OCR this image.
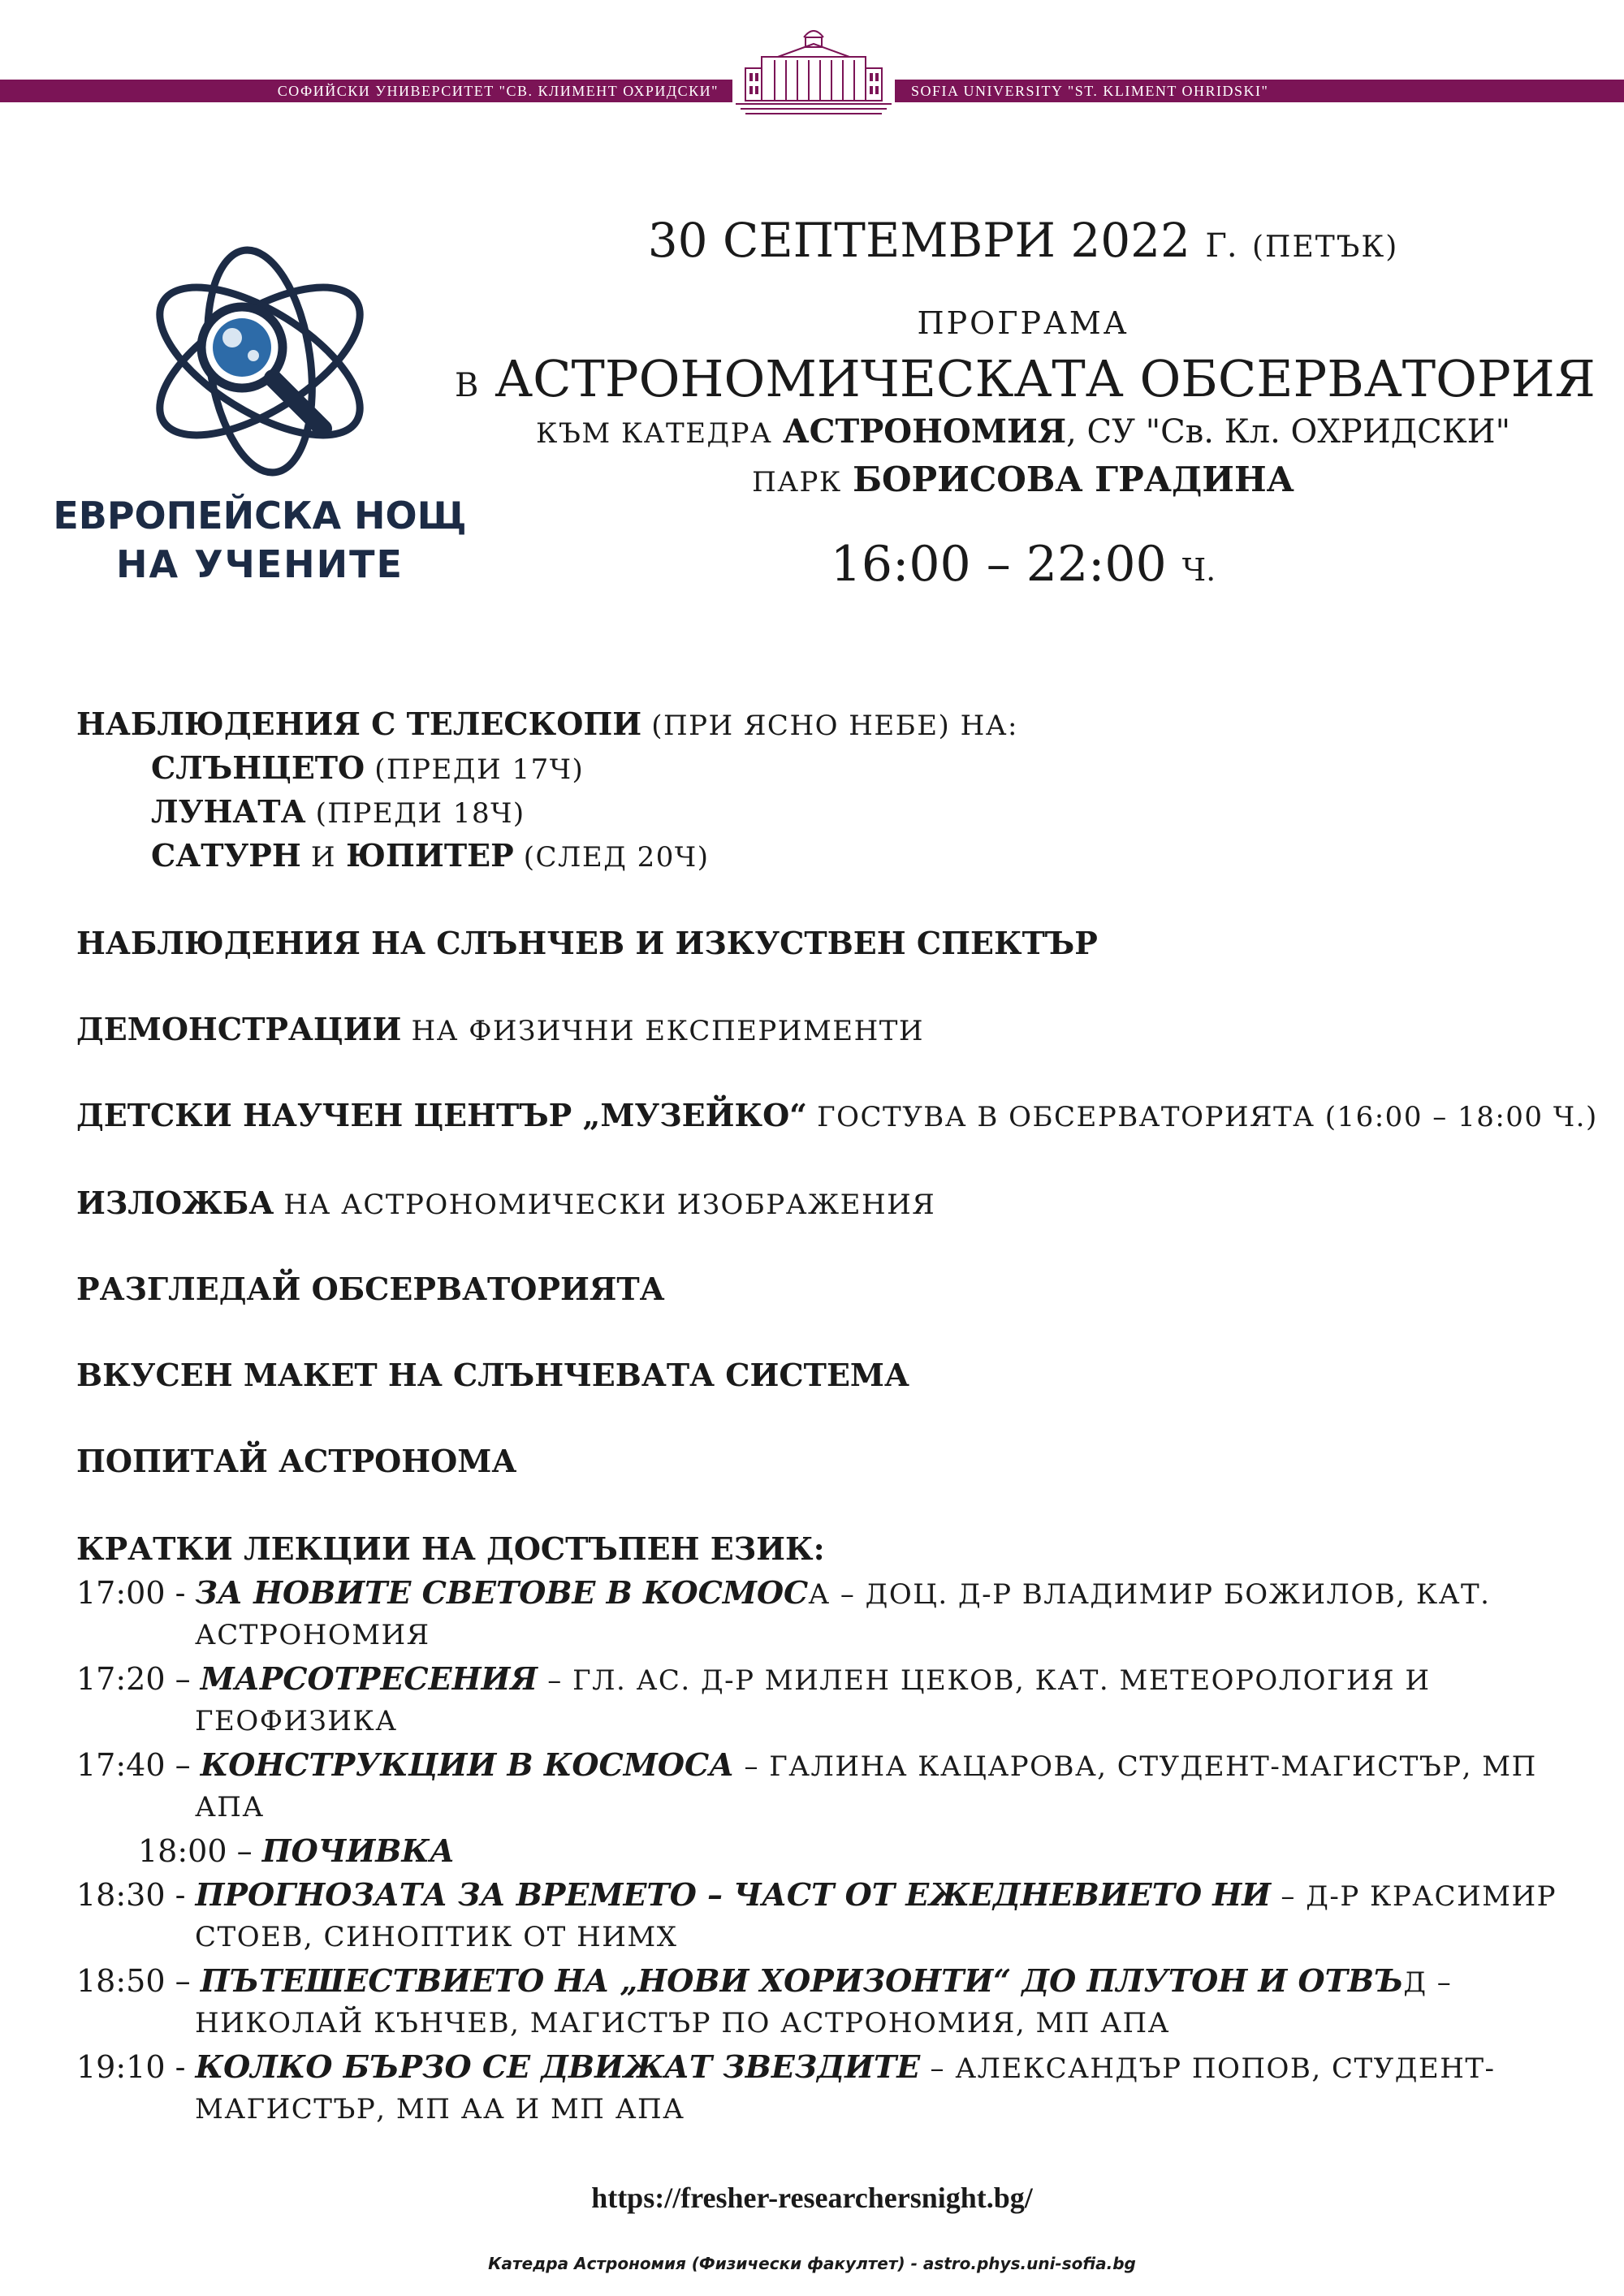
СОФИЙСКИ УНИВЕРСИТЕТ "СВ. КЛИМЕНТ ОХРИДСКИ"	SOFIA UNIVERSITY "ST. KLIMENT OHRIDSKI"
ЕВРОПЕЙСКА НОЩ
НА УЧЕНИТЕ
30 СЕПТЕМВРИ 2022 Г. (ПЕТЪК)
ПРОГРАМА
В АСТРОНОМИЧЕСКАТА ОБСЕРВАТОРИЯ
КЪМ КАТЕДРА АСТРОНОМИЯ, СУ "Св. Кл. ОХРИДСКИ"
ПАРК БОРИСОВА ГРАДИНА
16:00 – 22:00 Ч.
НАБЛЮДЕНИЯ С ТЕЛЕСКОПИ (ПРИ ЯСНО НЕБЕ) НА:
СЛЪНЦЕТО (ПРЕДИ 17Ч)
ЛУНАТА (ПРЕДИ 18Ч)
САТУРН И ЮПИТЕР (СЛЕД 20Ч)
НАБЛЮДЕНИЯ НА СЛЪНЧЕВ И ИЗКУСТВЕН СПЕКТЪР
ДЕМОНСТРАЦИИ НА ФИЗИЧНИ ЕКСПЕРИМЕНТИ
ДЕТСКИ НАУЧЕН ЦЕНТЪР „МУЗЕЙКО“ ГОСТУВА В ОБСЕРВАТОРИЯТА (16:00 – 18:00 Ч.)
ИЗЛОЖБА НА АСТРОНОМИЧЕСКИ ИЗОБРАЖЕНИЯ
РАЗГЛЕДАЙ ОБСЕРВАТОРИЯТА
ВКУСЕН МАКЕТ НА СЛЪНЧЕВАТА СИСТЕМА
ПОПИТАЙ АСТРОНОМА
КРАТКИ ЛЕКЦИИ НА ДОСТЪПЕН ЕЗИК:
17:00 - ЗА НОВИТЕ СВЕТОВЕ В КОСМОСА – ДОЦ. Д-Р ВЛАДИМИР БОЖИЛОВ, КАТ.
АСТРОНОМИЯ
17:20 – МАРСОТРЕСЕНИЯ – ГЛ. АС. Д-Р МИЛЕН ЦЕКОВ, КАТ. МЕТЕОРОЛОГИЯ И
ГЕОФИЗИКА
17:40 – КОНСТРУКЦИИ В КОСМОСА – ГАЛИНА КАЦАРОВА, СТУДЕНТ-МАГИСТЪР, МП
АПА
18:00 – ПОЧИВКА
18:30 - ПРОГНОЗАТА ЗА ВРЕМЕТО – ЧАСТ ОТ ЕЖЕДНЕВИЕТО НИ – Д-Р КРАСИМИР
СТОЕВ, СИНОПТИК ОТ НИМХ
18:50 – ПЪТЕШЕСТВИЕТО НА „НОВИ ХОРИЗОНТИ“ ДО ПЛУТОН И ОТВЪД –
НИКОЛАЙ КЪНЧЕВ, МАГИСТЪР ПО АСТРОНОМИЯ, МП АПА
19:10 - КОЛКО БЪРЗО СЕ ДВИЖАТ ЗВЕЗДИТЕ – АЛЕКСАНДЪР ПОПОВ, СТУДЕНТ-
МАГИСТЪР, МП АА И МП АПА
https://fresher-researchersnight.bg/
Катедра Астрономия (Физически факултет) - astro.phys.uni-sofia.bg
